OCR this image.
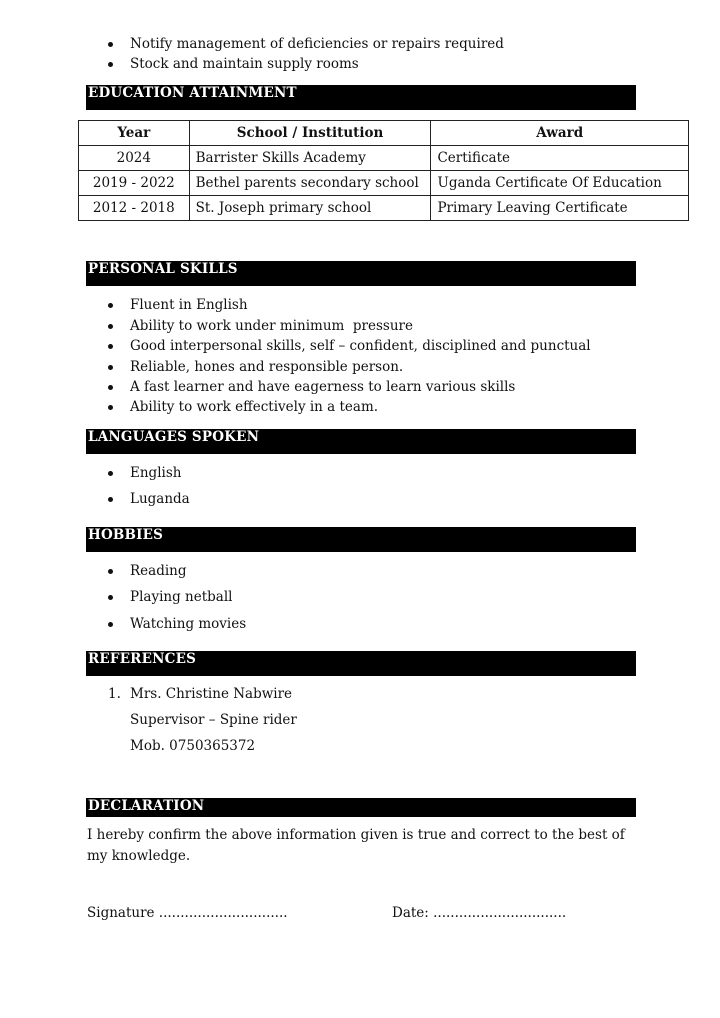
Notify management of deficiencies or repairs required
Stock and maintain supply rooms
EDUCATION ATTAINMENT
Year	School / Institution	Award
2024	Barrister Skills Academy	Certificate
2019 - 2022	Bethel parents secondary school	Uganda Certificate Of Education
2012 - 2018	St. Joseph primary school	Primary Leaving Certificate
PERSONAL SKILLS
Fluent in English
Ability to work under minimum  pressure
Good interpersonal skills, self – confident, disciplined and punctual
Reliable, hones and responsible person.
A fast learner and have eagerness to learn various skills
Ability to work effectively in a team.
LANGUAGES SPOKEN
English
Luganda
HOBBIES
Reading
Playing netball
Watching movies
REFERENCES
1. Mrs. Christine Nabwire
Supervisor – Spine rider
Mob. 0750365372
DECLARATION
I hereby confirm the above information given is true and correct to the best of
my knowledge.
Signature ..............................	Date: ...............................
